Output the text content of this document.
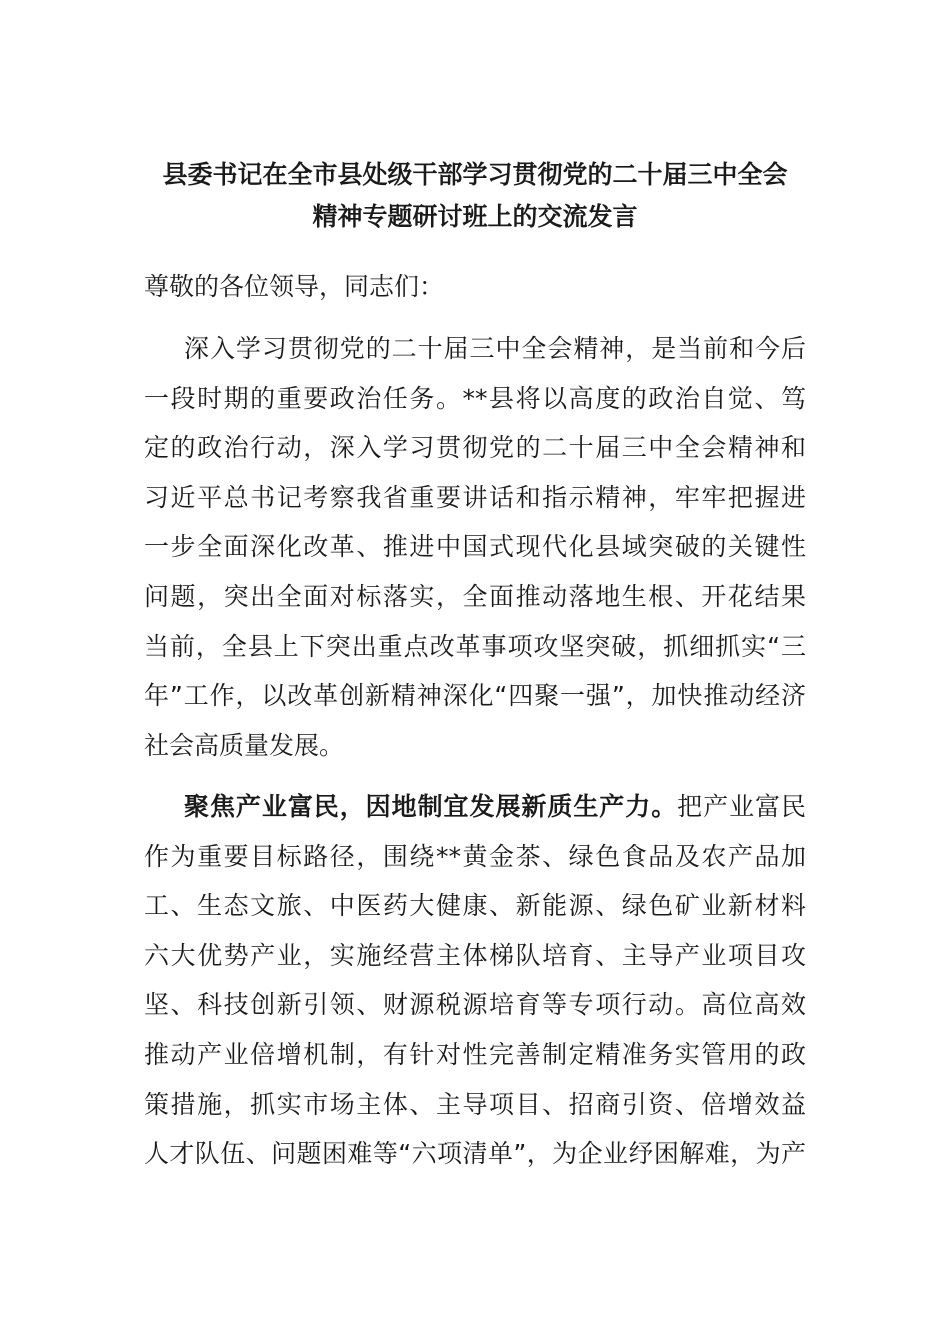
县委书记在全市县处级干部学习贯彻党的二十届三中全会
精神专题研讨班上的交流发言
尊敬的各位领导，同志们：
深入学习贯彻党的二十届三中全会精神，是当前和今后
一段时期的重要政治任务。**县将以高度的政治自觉、笃
定的政治行动，深入学习贯彻党的二十届三中全会精神和
习近平总书记考察我省重要讲话和指示精神，牢牢把握进
一步全面深化改革、推进中国式现代化县域突破的关键性
问题，突出全面对标落实，全面推动落地生根、开花结果
当前，全县上下突出重点改革事项攻坚突破，抓细抓实“三
年”工作，以改革创新精神深化“四聚一强”，加快推动经济
社会高质量发展。
聚焦产业富民，因地制宜发展新质生产力。把产业富民
作为重要目标路径，围绕**黄金茶、绿色食品及农产品加
工、生态文旅、中医药大健康、新能源、绿色矿业新材料
六大优势产业，实施经营主体梯队培育、主导产业项目攻
坚、科技创新引领、财源税源培育等专项行动。高位高效
推动产业倍增机制，有针对性完善制定精准务实管用的政
策措施，抓实市场主体、主导项目、招商引资、倍增效益
人才队伍、问题困难等“六项清单”，为企业纾困解难，为产
